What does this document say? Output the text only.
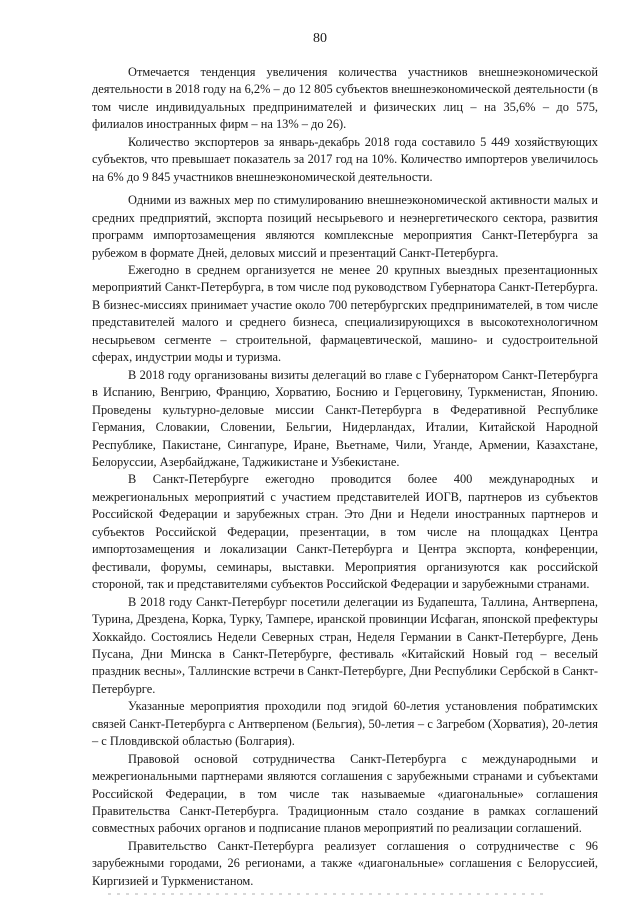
80

Отмечается тенденция увеличения количества участников внешнеэкономической деятельности в 2018 году на 6,2% – до 12 805 субъектов внешнеэкономической деятельности (в том числе индивидуальных предпринимателей и физических лиц – на 35,6% – до 575, филиалов иностранных фирм – на 13% – до 26).

Количество экспортеров за январь-декабрь 2018 года составило 5 449 хозяйствующих субъектов, что превышает показатель за 2017 год на 10%. Количество импортеров увеличилось на 6% до 9 845 участников внешнеэкономической деятельности.

Одними из важных мер по стимулированию внешнеэкономической активности малых и средних предприятий, экспорта позиций несырьевого и неэнергетического сектора, развития программ импортозамещения являются комплексные мероприятия Санкт-Петербурга за рубежом в формате Дней, деловых миссий и презентаций Санкт-Петербурга.

Ежегодно в среднем организуется не менее 20 крупных выездных презентационных мероприятий Санкт-Петербурга, в том числе под руководством Губернатора Санкт-Петербурга. В бизнес-миссиях принимает участие около 700 петербургских предпринимателей, в том числе представителей малого и среднего бизнеса, специализирующихся в высокотехнологичном несырьевом сегменте – строительной, фармацевтической, машино- и судостроительной сферах, индустрии моды и туризма.

В 2018 году организованы визиты делегаций во главе с Губернатором Санкт-Петербурга в Испанию, Венгрию, Францию, Хорватию, Боснию и Герцеговину, Туркменистан, Японию. Проведены культурно-деловые миссии Санкт-Петербурга в Федеративной Республике Германия, Словакии, Словении, Бельгии, Нидерландах, Италии, Китайской Народной Республике, Пакистане, Сингапуре, Иране, Вьетнаме, Чили, Уганде, Армении, Казахстане, Белоруссии, Азербайджане, Таджикистане и Узбекистане.

В Санкт-Петербурге ежегодно проводится более 400 международных и межрегиональных мероприятий с участием представителей ИОГВ, партнеров из субъектов Российской Федерации и зарубежных стран. Это Дни и Недели иностранных партнеров и субъектов Российской Федерации, презентации, в том числе на площадках Центра импортозамещения и локализации Санкт-Петербурга и Центра экспорта, конференции, фестивали, форумы, семинары, выставки. Мероприятия организуются как российской стороной, так и представителями субъектов Российской Федерации и зарубежными странами.

В 2018 году Санкт-Петербург посетили делегации из Будапешта, Таллина, Антверпена, Турина, Дрездена, Корка, Турку, Тампере, иранской провинции Исфаган, японской префектуры Хоккайдо. Состоялись Недели Северных стран, Неделя Германии в Санкт-Петербурге, День Пусана, Дни Минска в Санкт-Петербурге, фестиваль «Китайский Новый год – веселый праздник весны», Таллинские встречи в Санкт-Петербурге, Дни Республики Сербской в Санкт-Петербурге.

Указанные мероприятия проходили под эгидой 60-летия установления побратимских связей Санкт-Петербурга с Антверпеном (Бельгия), 50-летия – с Загребом (Хорватия), 20-летия – с Пловдивской областью (Болгария).

Правовой основой сотрудничества Санкт-Петербурга с международными и межрегиональными партнерами являются соглашения с зарубежными странами и субъектами Российской Федерации, в том числе так называемые «диагональные» соглашения Правительства Санкт-Петербурга. Традиционным стало создание в рамках соглашений совместных рабочих органов и подписание планов мероприятий по реализации соглашений.

Правительство Санкт-Петербурга реализует соглашения о сотрудничестве с 96 зарубежными городами, 26 регионами, а также «диагональные» соглашения с Белоруссией, Киргизией и Туркменистаном.
